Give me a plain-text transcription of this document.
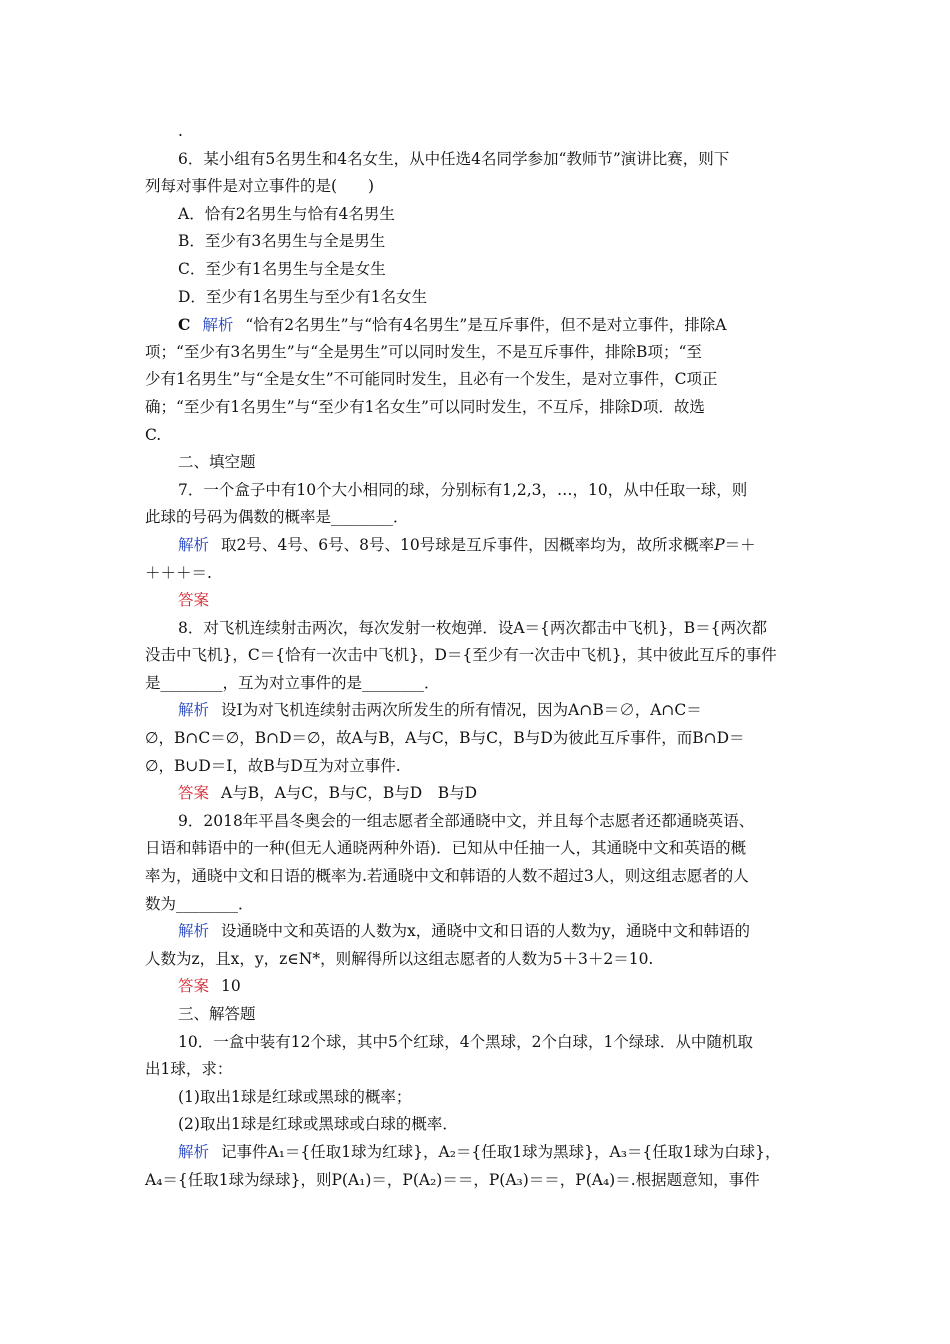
.
6．某小组有5名男生和4名女生，从中任选4名同学参加“教师节”演讲比赛，则下
列每对事件是对立事件的是(　　)
A．恰有2名男生与恰有4名男生
B．至少有3名男生与全是男生
C．至少有1名男生与全是女生
D．至少有1名男生与至少有1名女生
C 解析 “恰有2名男生”与“恰有4名男生”是互斥事件，但不是对立事件，排除A
项；“至少有3名男生”与“全是男生”可以同时发生，不是互斥事件，排除B项；“至
少有1名男生”与“全是女生”不可能同时发生，且必有一个发生，是对立事件，C项正
确；“至少有1名男生”与“至少有1名女生”可以同时发生，不互斥，排除D项．故选
C.
二、填空题
7．一个盒子中有10个大小相同的球，分别标有1,2,3，…，10，从中任取一球，则
此球的号码为偶数的概率是________．
解析 取2号、4号、6号、8号、10号球是互斥事件，因概率均为，故所求概率P＝＋
＋＋＋＝.
答案
8．对飞机连续射击两次，每次发射一枚炮弹．设A＝{两次都击中飞机}，B＝{两次都
没击中飞机}，C＝{恰有一次击中飞机}，D＝{至少有一次击中飞机}，其中彼此互斥的事件
是________，互为对立事件的是________．
解析 设I为对飞机连续射击两次所发生的所有情况，因为A∩B＝∅，A∩C＝
∅，B∩C＝∅，B∩D＝∅，故A与B，A与C，B与C，B与D为彼此互斥事件，而B∩D＝
∅，B∪D＝I，故B与D互为对立事件.
答案 A与B，A与C，B与C，B与D　B与D
9．2018年平昌冬奥会的一组志愿者全部通晓中文，并且每个志愿者还都通晓英语、
日语和韩语中的一种(但无人通晓两种外语)．已知从中任抽一人，其通晓中文和英语的概
率为，通晓中文和日语的概率为.若通晓中文和韩语的人数不超过3人，则这组志愿者的人
数为________．
解析 设通晓中文和英语的人数为x，通晓中文和日语的人数为y，通晓中文和韩语的
人数为z，且x，y，z∈N*，则解得所以这组志愿者的人数为5＋3＋2＝10.
答案 10
三、解答题
10．一盒中装有12个球，其中5个红球，4个黑球，2个白球，1个绿球．从中随机取
出1球，求：
(1)取出1球是红球或黑球的概率；
(2)取出1球是红球或黑球或白球的概率．
解析 记事件A₁＝{任取1球为红球}，A₂＝{任取1球为黑球}，A₃＝{任取1球为白球}，
A₄＝{任取1球为绿球}，则P(A₁)＝，P(A₂)＝＝，P(A₃)＝＝，P(A₄)＝.根据题意知，事件
